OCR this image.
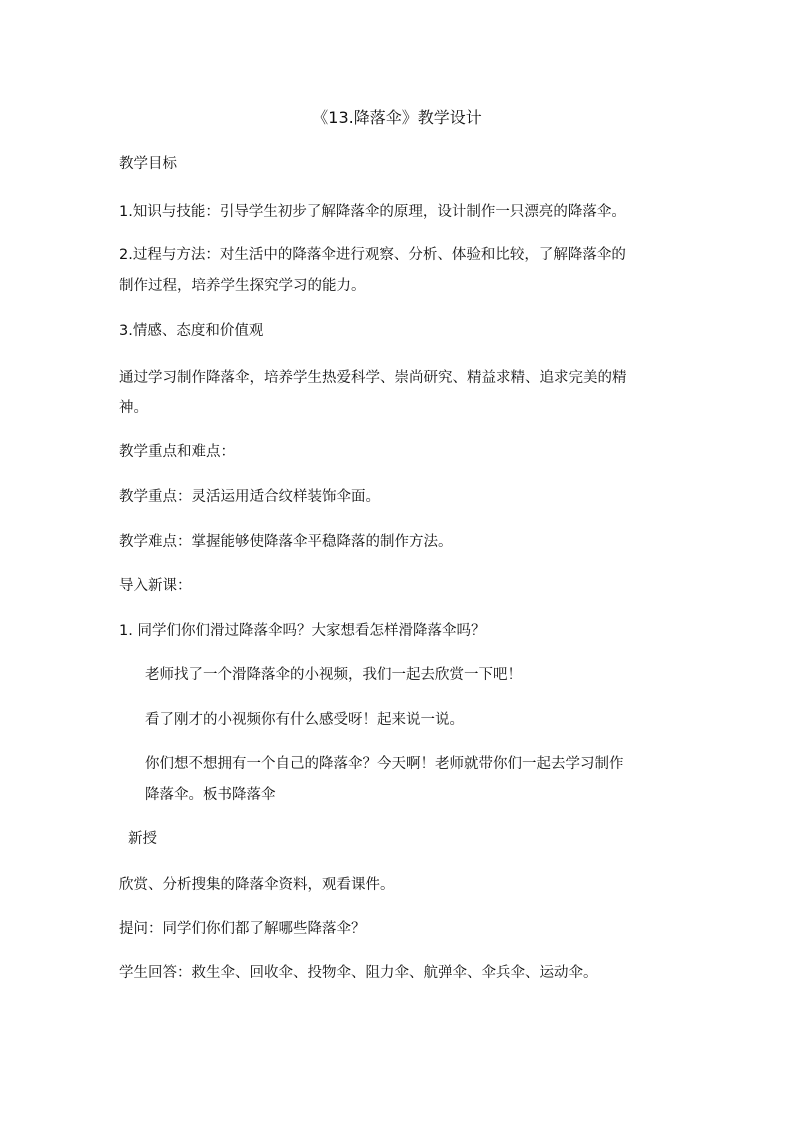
《13.降落伞》教学设计
教学目标
1.知识与技能：引导学生初步了解降落伞的原理，设计制作一只漂亮的降落伞。
2.过程与方法：对生活中的降落伞进行观察、分析、体验和比较，了解降落伞的
制作过程，培养学生探究学习的能力。
3.情感、态度和价值观
通过学习制作降落伞，培养学生热爱科学、崇尚研究、精益求精、追求完美的精
神。
教学重点和难点：
教学重点：灵活运用适合纹样装饰伞面。
教学难点：掌握能够使降落伞平稳降落的制作方法。
导入新课：
1. 同学们你们滑过降落伞吗？大家想看怎样滑降落伞吗？
老师找了一个滑降落伞的小视频，我们一起去欣赏一下吧！
看了刚才的小视频你有什么感受呀！起来说一说。
你们想不想拥有一个自己的降落伞？今天啊！老师就带你们一起去学习制作
降落伞。板书降落伞
新授
欣赏、分析搜集的降落伞资料，观看课件。
提问：同学们你们都了解哪些降落伞？
学生回答：救生伞、回收伞、投物伞、阻力伞、航弹伞、伞兵伞、运动伞。
